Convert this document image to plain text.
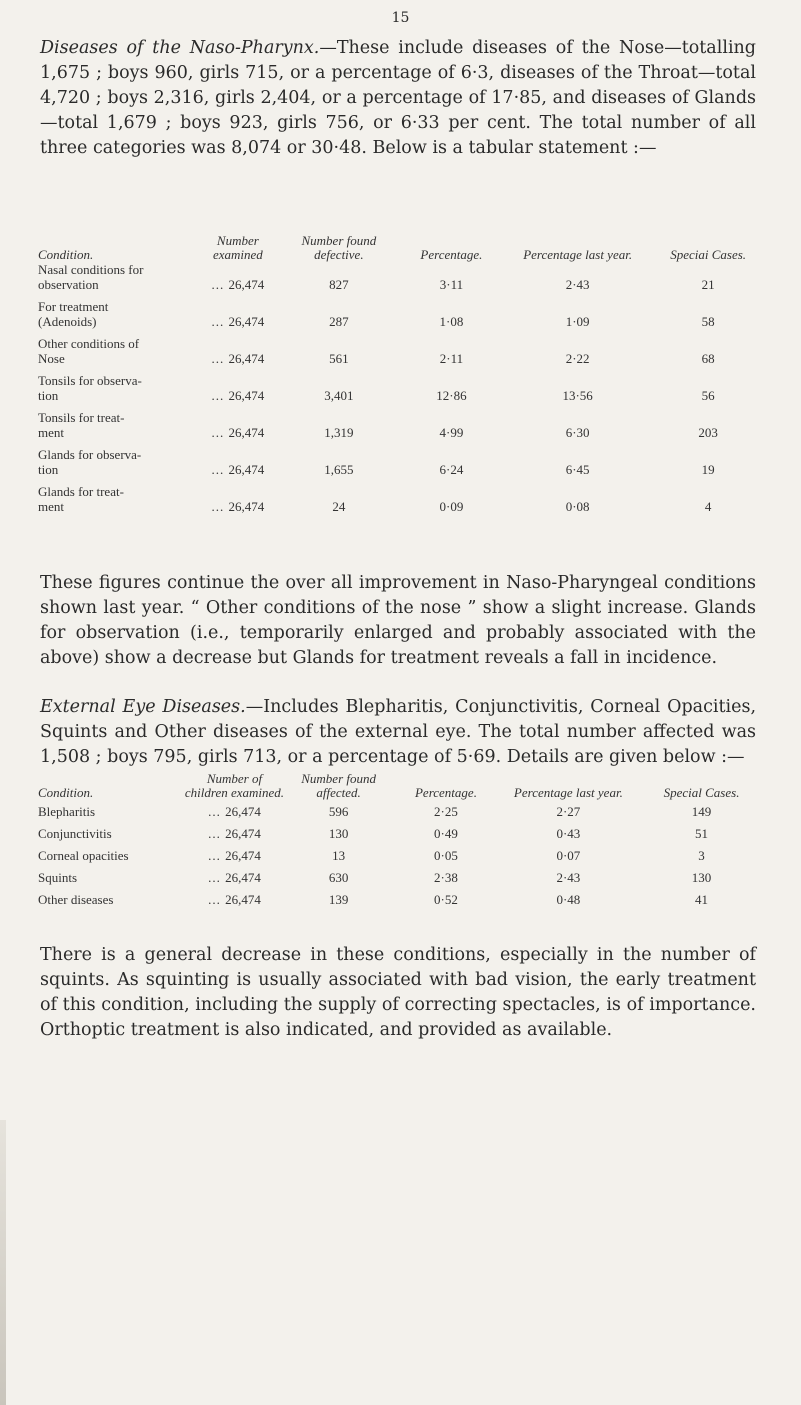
15

Diseases of the Naso-Pharynx.—These include diseases of the Nose—totalling 1,675 ; boys 960, girls 715, or a percentage of 6·3, diseases of the Throat—total 4,720 ; boys 2,316, girls 2,404, or a percentage of 17·85, and diseases of Glands—total 1,679 ; boys 923, girls 756, or 6·33 per cent. The total number of all three categories was 8,074 or 30·48. Below is a tabular statement :—

Condition.	Number examined	Number found defective.	Percentage.	Percentage last year.	Speciai Cases.
Nasal conditions for					
observation	... 26,474	827	3·11	2·43	21
For treatment					
(Adenoids)	... 26,474	287	1·08	1·09	58
Other conditions of					
Nose	... 26,474	561	2·11	2·22	68
Tonsils for observa-					
tion	... 26,474	3,401	12·86	13·56	56
Tonsils for treat-					
ment	... 26,474	1,319	4·99	6·30	203
Glands for observa-					
tion	... 26,474	1,655	6·24	6·45	19
Glands for treat-					
ment	... 26,474	24	0·09	0·08	4

These figures continue the over all improvement in Naso-Pharyngeal conditions shown last year. “ Other conditions of the nose ” show a slight increase. Glands for observation (i.e., temporarily enlarged and probably associated with the above) show a decrease but Glands for treatment reveals a fall in incidence.

External Eye Diseases.—Includes Blepharitis, Conjunctivitis, Corneal Opacities, Squints and Other diseases of the external eye. The total number affected was 1,508 ; boys 795, girls 713, or a percentage of 5·69. Details are given below :—

Condition.	Number of children examined.	Number found affected.	Percentage.	Percentage last year.	Special Cases.
Blepharitis	... 26,474	596	2·25	2·27	149
Conjunctivitis	... 26,474	130	0·49	0·43	51
Corneal opacities	... 26,474	13	0·05	0·07	3
Squints	... 26,474	630	2·38	2·43	130
Other diseases	... 26,474	139	0·52	0·48	41

There is a general decrease in these conditions, especially in the number of squints. As squinting is usually associated with bad vision, the early treatment of this condition, including the supply of correcting spectacles, is of importance. Orthoptic treatment is also indicated, and provided as available.
